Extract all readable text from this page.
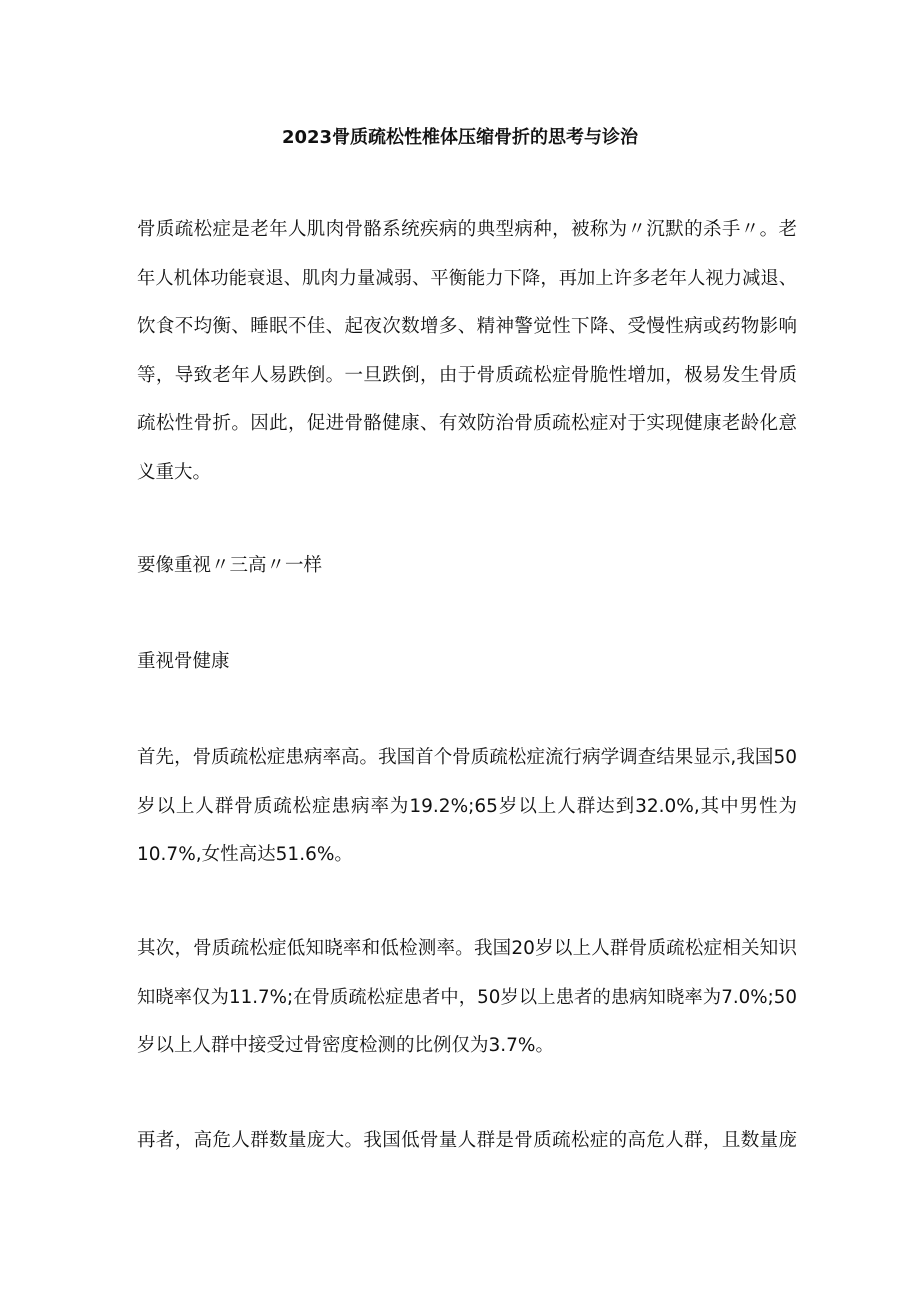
2023骨质疏松性椎体压缩骨折的思考与诊治
骨质疏松症是老年人肌肉骨骼系统疾病的典型病种，被称为〃沉默的杀手〃。老
年人机体功能衰退、肌肉力量减弱、平衡能力下降，再加上许多老年人视力减退、
饮食不均衡、睡眠不佳、起夜次数增多、精神警觉性下降、受慢性病或药物影响
等，导致老年人易跌倒。一旦跌倒，由于骨质疏松症骨脆性增加，极易发生骨质
疏松性骨折。因此，促进骨骼健康、有效防治骨质疏松症对于实现健康老龄化意
义重大。
要像重视〃三高〃一样
重视骨健康
首先，骨质疏松症患病率高。我国首个骨质疏松症流行病学调查结果显示,我国50
岁以上人群骨质疏松症患病率为19.2%;65岁以上人群达到32.0%,其中男性为
10.7%,女性高达51.6%。
其次，骨质疏松症低知晓率和低检测率。我国20岁以上人群骨质疏松症相关知识
知晓率仅为11.7%;在骨质疏松症患者中，50岁以上患者的患病知晓率为7.0%;50
岁以上人群中接受过骨密度检测的比例仅为3.7%。
再者，高危人群数量庞大。我国低骨量人群是骨质疏松症的高危人群，且数量庞
